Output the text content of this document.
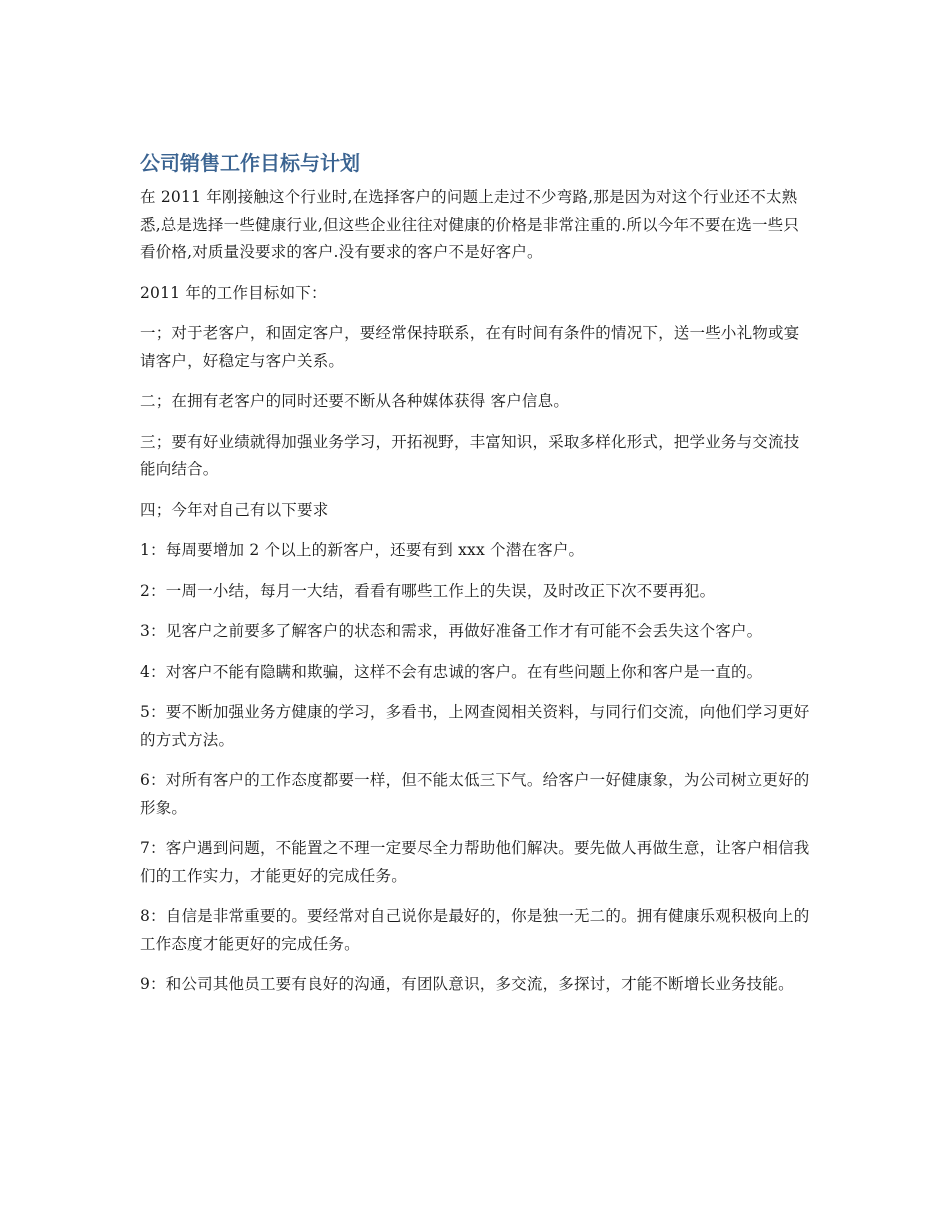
公司销售工作目标与计划

在 2011 年刚接触这个行业时,在选择客户的问题上走过不少弯路,那是因为对这个行业还不太熟悉,总是选择一些健康行业,但这些企业往往对健康的价格是非常注重的.所以今年不要在选一些只看价格,对质量没要求的客户.没有要求的客户不是好客户。

2011 年的工作目标如下：

一；对于老客户，和固定客户，要经常保持联系，在有时间有条件的情况下，送一些小礼物或宴请客户，好稳定与客户关系。

二；在拥有老客户的同时还要不断从各种媒体获得 客户信息。

三；要有好业绩就得加强业务学习，开拓视野，丰富知识，采取多样化形式，把学业务与交流技能向结合。

四；今年对自己有以下要求

1：每周要增加 2 个以上的新客户，还要有到 xxx 个潜在客户。

2：一周一小结，每月一大结，看看有哪些工作上的失误，及时改正下次不要再犯。

3：见客户之前要多了解客户的状态和需求，再做好准备工作才有可能不会丢失这个客户。

4：对客户不能有隐瞒和欺骗，这样不会有忠诚的客户。在有些问题上你和客户是一直的。

5：要不断加强业务方健康的学习，多看书，上网查阅相关资料，与同行们交流，向他们学习更好的方式方法。

6：对所有客户的工作态度都要一样，但不能太低三下气。给客户一好健康象，为公司树立更好的形象。

7：客户遇到问题，不能置之不理一定要尽全力帮助他们解决。要先做人再做生意，让客户相信我们的工作实力，才能更好的完成任务。

8：自信是非常重要的。要经常对自己说你是最好的，你是独一无二的。拥有健康乐观积极向上的工作态度才能更好的完成任务。

9：和公司其他员工要有良好的沟通，有团队意识，多交流，多探讨，才能不断增长业务技能。
